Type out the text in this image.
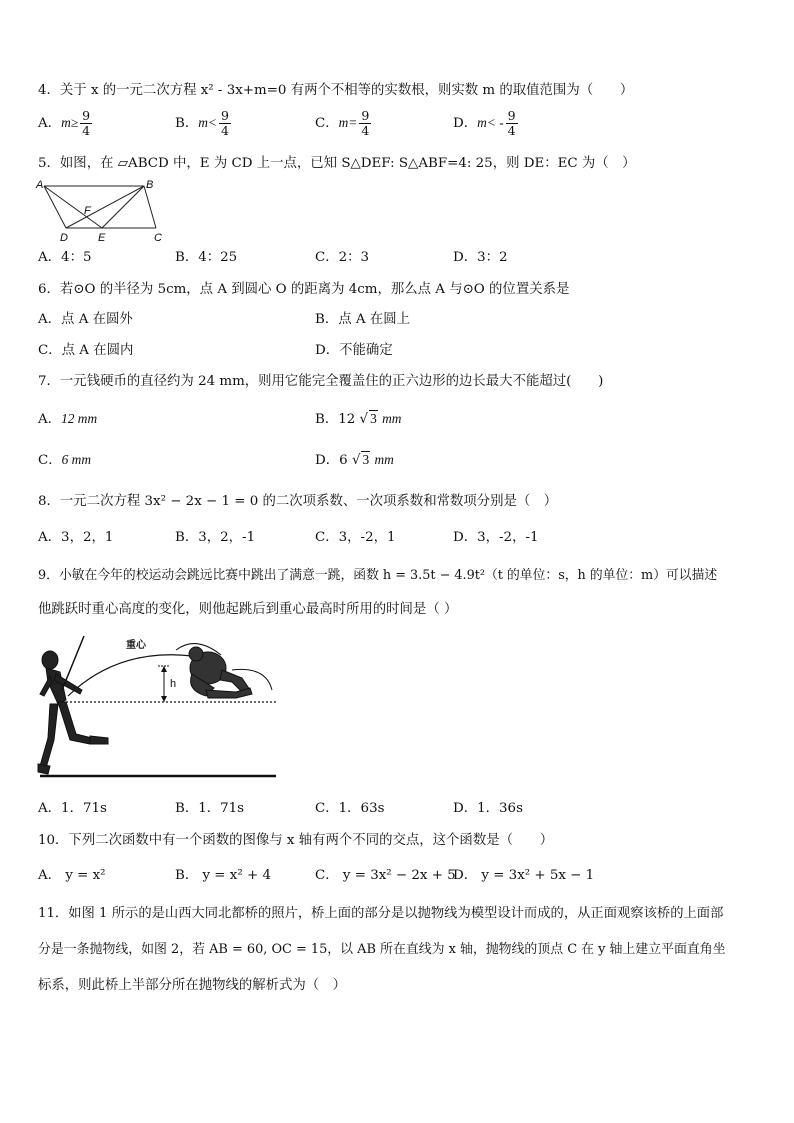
4．关于 x 的一元二次方程 x² - 3x+m=0 有两个不相等的实数根，则实数 m 的取值范围为（　　）
A．$m\ge \frac{9}{4}$	B．$m< \frac{9}{4}$	C．$m= \frac{9}{4}$	D．$m< - \frac{9}{4}$
5．如图，在 ▱ABCD 中，E 为 CD 上一点，已知 S△DEF: S△ABF=4: 25，则 DE：EC 为（　）
A	B
C
D	E
F
A．4：5	B．4：25	C．2：3	D．3：2
6．若⊙O 的半径为 5cm，点 A 到圆心 O 的距离为 4cm，那么点 A 与⊙O 的位置关系是
A．点 A 在圆外	B．点 A 在圆上
C．点 A 在圆内	D．不能确定
7．一元钱硬币的直径约为 24 mm，则用它能完全覆盖住的正六边形的边长最大不能超过(　　)
A．12 mm	B．12 √ 3 mm
C．6 mm	D．6 √ 3 mm
8．一元二次方程 3x² − 2x − 1 = 0 的二次项系数、一次项系数和常数项分别是（　）
A．3，2，1	B．3，2，-1	C．3，-2，1	D．3，-2，-1
9．小敏在今年的校运动会跳远比赛中跳出了满意一跳，函数 h = 3.5t − 4.9t²（t 的单位：s，h 的单位：m）可以描述
他跳跃时重心高度的变化，则他起跳后到重心最高时所用的时间是（ ）
h
重心
A．1．71s	B．1．71s	C．1．63s	D．1．36s
10．下列二次函数中有一个函数的图像与 x 轴有两个不同的交点，这个函数是（　　）
A． y = x²	B． y = x² + 4	C． y = 3x² − 2x + 5
D． y = 3x² + 5x − 1
11．如图 1 所示的是山西大同北都桥的照片，桥上面的部分是以抛物线为模型设计而成的，从正面观察该桥的上面部
分是一条抛物线，如图 2，若 AB = 60, OC = 15，以 AB 所在直线为 x 轴，抛物线的顶点 C 在 y 轴上建立平面直角坐
标系，则此桥上半部分所在抛物线的解析式为（　）
